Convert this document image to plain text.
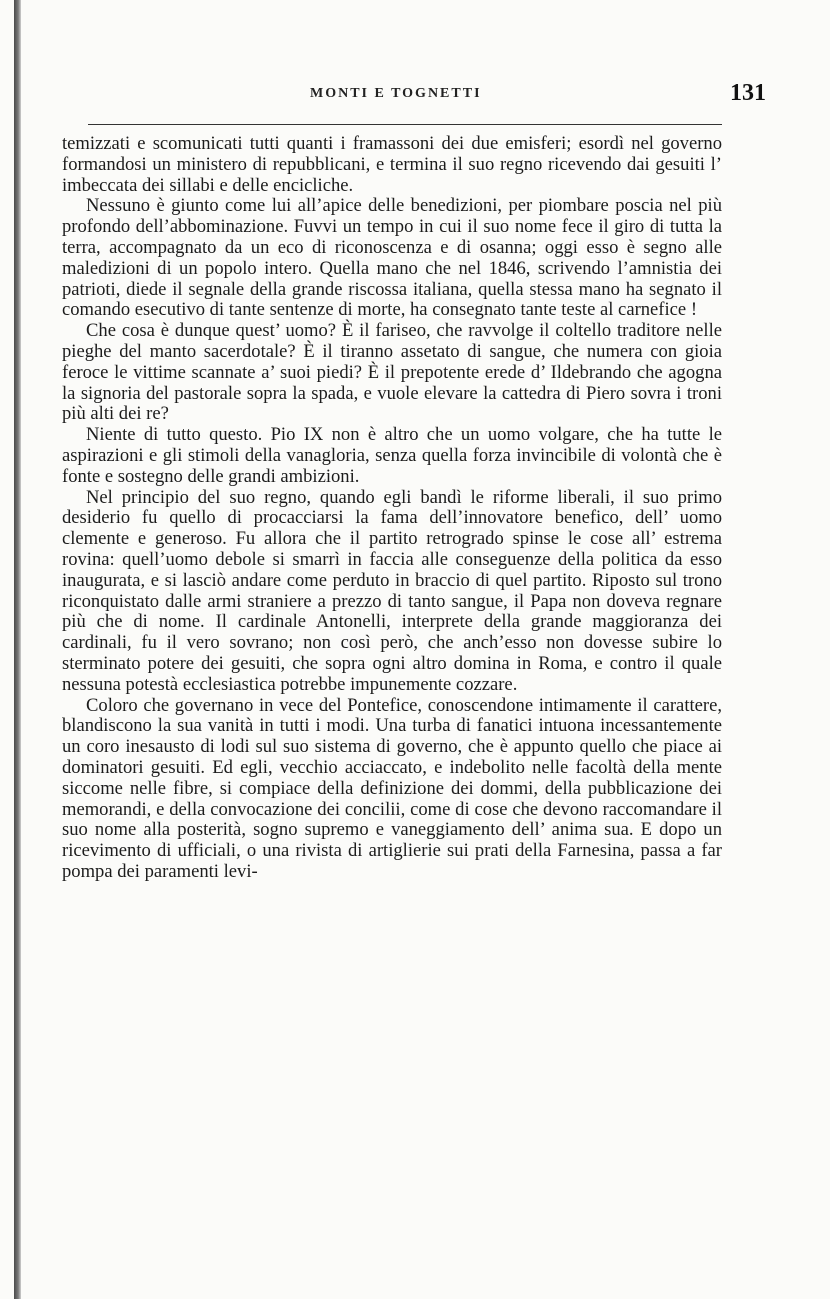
MONTI E TOGNETTI	131

temizzati e scomunicati tutti quanti i framassoni dei due emisferi; esordì nel governo formandosi un ministero di repubblicani, e termina il suo regno ricevendo dai gesuiti l’ imbeccata dei sillabi e delle encicliche.

Nessuno è giunto come lui all’apice delle benedizioni, per piombare poscia nel più profondo dell’abbominazione. Fuvvi un tempo in cui il suo nome fece il giro di tutta la terra, accompagnato da un eco di riconoscenza e di osanna; oggi esso è segno alle maledizioni di un popolo intero. Quella mano che nel 1846, scrivendo l’amnistia dei patrioti, diede il segnale della grande riscossa italiana, quella stessa mano ha segnato il comando esecutivo di tante sentenze di morte, ha consegnato tante teste al carnefice !

Che cosa è dunque quest’ uomo? È il fariseo, che ravvolge il coltello traditore nelle pieghe del manto sacerdotale? È il tiranno assetato di sangue, che numera con gioia feroce le vittime scannate a’ suoi piedi? È il prepotente erede d’ Ildebrando che agogna la signoria del pastorale sopra la spada, e vuole elevare la cattedra di Piero sovra i troni più alti dei re?

Niente di tutto questo. Pio IX non è altro che un uomo volgare, che ha tutte le aspirazioni e gli stimoli della vanagloria, senza quella forza invincibile di volontà che è fonte e sostegno delle grandi ambizioni.

Nel principio del suo regno, quando egli bandì le riforme liberali, il suo primo desiderio fu quello di procacciarsi la fama dell’innovatore benefico, dell’ uomo clemente e generoso. Fu allora che il partito retrogrado spinse le cose all’ estrema rovina: quell’uomo debole si smarrì in faccia alle conseguenze della politica da esso inaugurata, e si lasciò andare come perduto in braccio di quel partito. Riposto sul trono riconquistato dalle armi straniere a prezzo di tanto sangue, il Papa non doveva regnare più che di nome. Il cardinale Antonelli, interprete della grande maggioranza dei cardinali, fu il vero sovrano; non così però, che anch’esso non dovesse subire lo sterminato potere dei gesuiti, che sopra ogni altro domina in Roma, e contro il quale nessuna potestà ecclesiastica potrebbe impunemente cozzare.

Coloro che governano in vece del Pontefice, conoscendone intimamente il carattere, blandiscono la sua vanità in tutti i modi. Una turba di fanatici intuona incessantemente un coro inesausto di lodi sul suo sistema di governo, che è appunto quello che piace ai dominatori gesuiti. Ed egli, vecchio acciaccato, e indebolito nelle facoltà della mente siccome nelle fibre, si compiace della definizione dei dommi, della pubblicazione dei memorandi, e della convocazione dei concilii, come di cose che devono raccomandare il suo nome alla posterità, sogno supremo e vaneggiamento dell’ anima sua. E dopo un ricevimento di ufficiali, o una rivista di artiglierie sui prati della Farnesina, passa a far pompa dei paramenti levi-
